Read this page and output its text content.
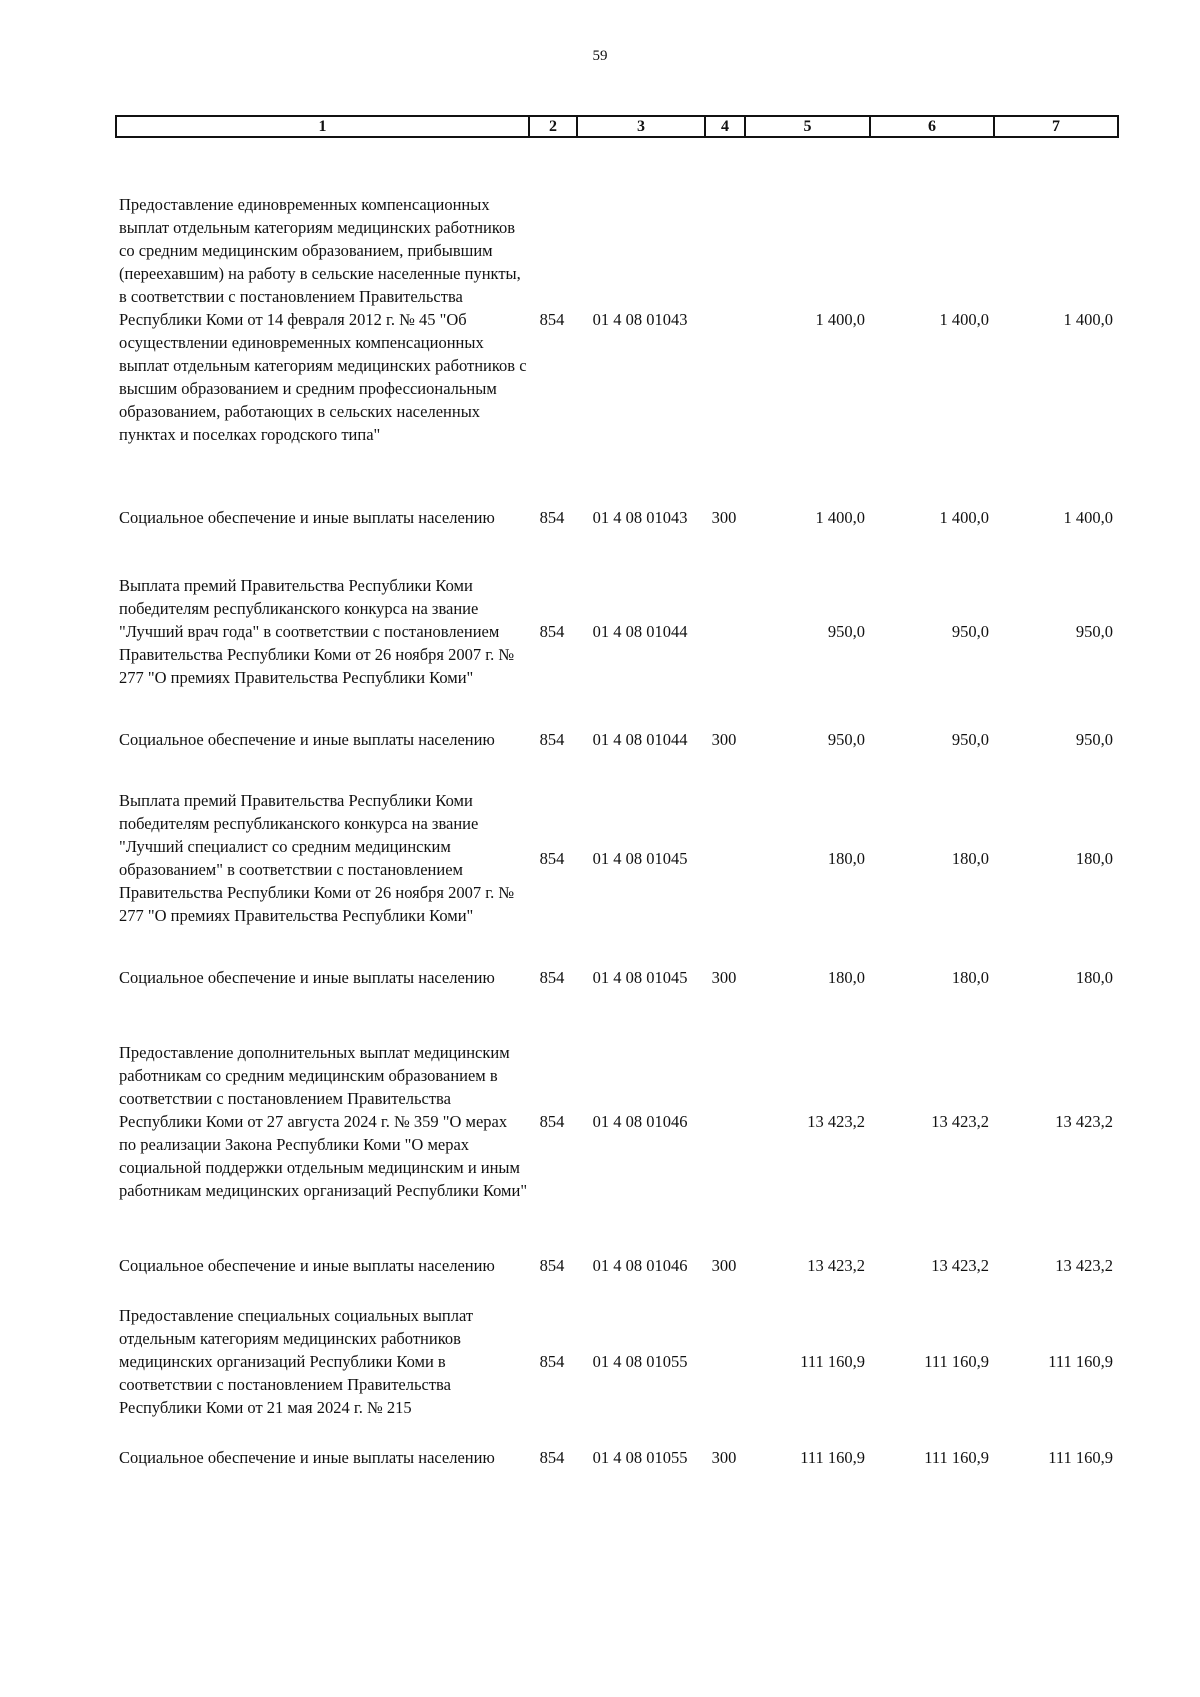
59
1	2	3	4	5	6	7
Предоставление единовременных компенсационных выплат отдельным категориям медицинских работников со средним медицинским образованием, прибывшим (переехавшим) на работу в сельские населенные пункты, в соответствии с постановлением Правительства Республики Коми от 14 февраля 2012 г. № 45 "Об осуществлении единовременных компенсационных выплат отдельным категориям медицинских работников с высшим образованием и средним профессиональным образованием, работающих в сельских населенных пунктах и поселках городского типа"	854	01 4 08 01043		1 400,0	1 400,0	1 400,0
Социальное обеспечение и иные выплаты населению	854	01 4 08 01043	300	1 400,0	1 400,0	1 400,0
Выплата премий Правительства Республики Коми победителям республиканского конкурса на звание "Лучший врач года" в соответствии с постановлением Правительства Республики Коми от 26 ноября 2007 г. № 277 "О премиях Правительства Республики Коми"	854	01 4 08 01044		950,0	950,0	950,0
Социальное обеспечение и иные выплаты населению	854	01 4 08 01044	300	950,0	950,0	950,0
Выплата премий Правительства Республики Коми победителям республиканского конкурса на звание "Лучший специалист со средним медицинским образованием" в соответствии с постановлением Правительства Республики Коми от 26 ноября 2007 г. № 277 "О премиях Правительства Республики Коми"	854	01 4 08 01045		180,0	180,0	180,0
Социальное обеспечение и иные выплаты населению	854	01 4 08 01045	300	180,0	180,0	180,0
Предоставление дополнительных выплат медицинским работникам со средним медицинским образованием в соответствии с постановлением Правительства Республики Коми от 27 августа 2024 г. № 359 "О мерах по реализации Закона Республики Коми "О мерах социальной поддержки отдельным медицинским и иным работникам медицинских организаций Республики Коми"	854	01 4 08 01046		13 423,2	13 423,2	13 423,2
Социальное обеспечение и иные выплаты населению	854	01 4 08 01046	300	13 423,2	13 423,2	13 423,2
Предоставление специальных социальных выплат отдельным категориям медицинских работников медицинских организаций Республики Коми в соответствии с постановлением Правительства Республики Коми от 21 мая 2024 г. № 215	854	01 4 08 01055		111 160,9	111 160,9	111 160,9
Социальное обеспечение и иные выплаты населению	854	01 4 08 01055	300	111 160,9	111 160,9	111 160,9
